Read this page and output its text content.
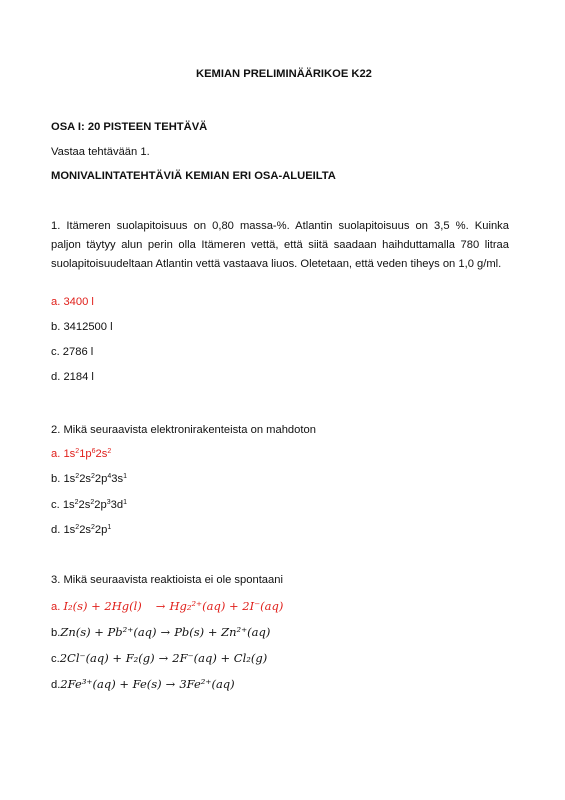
KEMIAN PRELIMINÄÄRIKOE K22
OSA I: 20 PISTEEN TEHTÄVÄ
Vastaa tehtävään 1.
MONIVALINTATEHTÄVIÄ KEMIAN ERI OSA-ALUEILTA
1. Itämeren suolapitoisuus on 0,80 massa-%. Atlantin suolapitoisuus on 3,5 %. Kuinka paljon täytyy alun perin olla Itämeren vettä, että siitä saadaan haihduttamalla 780 litraa suolapitoisuudeltaan Atlantin vettä vastaava liuos. Oletetaan, että veden tiheys on 1,0 g/ml.
a. 3400 l
b. 3412500 l
c. 2786 l
d. 2184 l
2. Mikä seuraavista elektronirakenteista on mahdoton
a. $1s^21p^62s^2$
b. $1s^22s^22p^43s^1$
c. $1s^22s^22p^33d^1$
d. $1s^22s^22p^1$
3. Mikä seuraavista reaktioista ei ole spontaani
a. I₂(s) + 2Hg(l) → Hg₂²⁺(aq) + 2I⁻(aq)
b.Zn(s) + Pb²⁺(aq) → Pb(s) + Zn²⁺(aq)
c.2Cl⁻(aq) + F₂(g) → 2F⁻(aq) + Cl₂(g)
d.2Fe³⁺(aq) + Fe(s) → 3Fe²⁺(aq)
